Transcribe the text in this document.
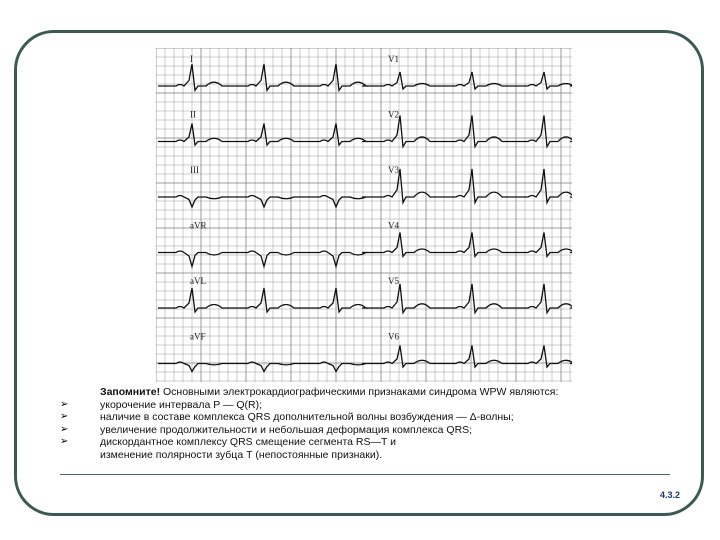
I
II
III
aVR
aVL
aVF
V1
V2
V3
V4
V5
V6
Запомните! Основными электрокардиографическими признаками синдрома WPW являются:
➢	укорочение интервала P — Q(R);
➢	наличие в составе комплекса QRS дополнительной волны возбуждения — Δ-волны;
➢	увеличение продолжительности и небольшая деформация комплекса QRS;
➢	дискордантное комплексу QRS смещение сегмента RS—T и
изменение полярности зубца Т (непостоянные признаки).
4.3.2
